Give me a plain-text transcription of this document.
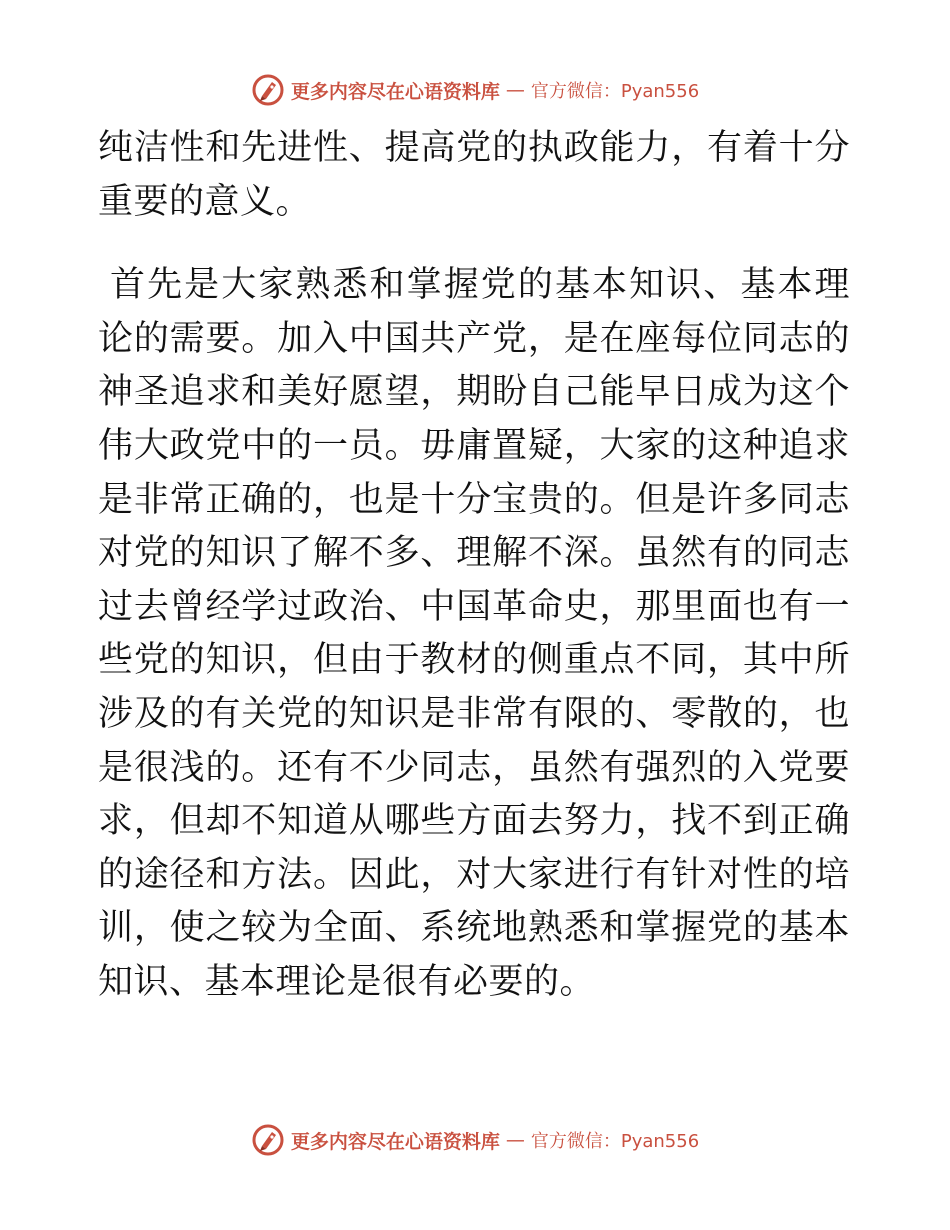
更多内容尽在心语资料库 — 官方微信：Pyan556

纯洁性和先进性、提高党的执政能力，有着十分重要的意义。

首先是大家熟悉和掌握党的基本知识、基本理论的需要。加入中国共产党，是在座每位同志的神圣追求和美好愿望，期盼自己能早日成为这个伟大政党中的一员。毋庸置疑，大家的这种追求是非常正确的，也是十分宝贵的。但是许多同志对党的知识了解不多、理解不深。虽然有的同志过去曾经学过政治、中国革命史，那里面也有一些党的知识，但由于教材的侧重点不同，其中所涉及的有关党的知识是非常有限的、零散的，也是很浅的。还有不少同志，虽然有强烈的入党要求，但却不知道从哪些方面去努力，找不到正确的途径和方法。因此，对大家进行有针对性的培训，使之较为全面、系统地熟悉和掌握党的基本知识、基本理论是很有必要的。

更多内容尽在心语资料库 — 官方微信：Pyan556
